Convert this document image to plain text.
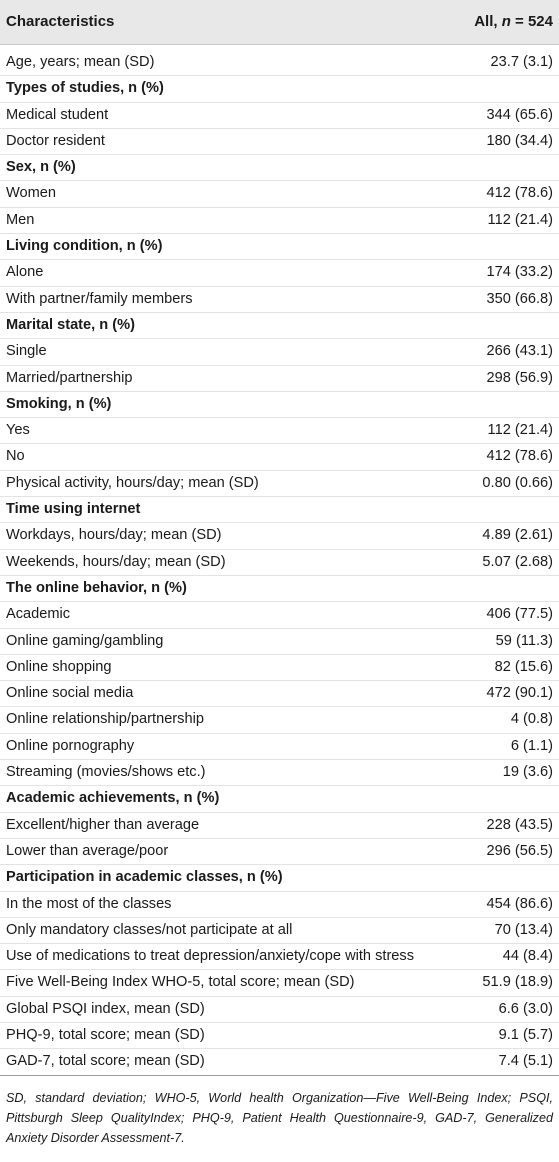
Characteristics	All, n = 524
Age, years; mean (SD)	23.7 (3.1)
Types of studies, n (%)
Medical student	344 (65.6)
Doctor resident	180 (34.4)
Sex, n (%)
Women	412 (78.6)
Men	112 (21.4)
Living condition, n (%)
Alone	174 (33.2)
With partner/family members	350 (66.8)
Marital state, n (%)
Single	266 (43.1)
Married/partnership	298 (56.9)
Smoking, n (%)
Yes	112 (21.4)
No	412 (78.6)
Physical activity, hours/day; mean (SD)	0.80 (0.66)
Time using internet
Workdays, hours/day; mean (SD)	4.89 (2.61)
Weekends, hours/day; mean (SD)	5.07 (2.68)
The online behavior, n (%)
Academic	406 (77.5)
Online gaming/gambling	59 (11.3)
Online shopping	82 (15.6)
Online social media	472 (90.1)
Online relationship/partnership	4 (0.8)
Online pornography	6 (1.1)
Streaming (movies/shows etc.)	19 (3.6)
Academic achievements, n (%)
Excellent/higher than average	228 (43.5)
Lower than average/poor	296 (56.5)
Participation in academic classes, n (%)
In the most of the classes	454 (86.6)
Only mandatory classes/not participate at all	70 (13.4)
Use of medications to treat depression/anxiety/cope with stress	44 (8.4)
Five Well-Being Index WHO-5, total score; mean (SD)	51.9 (18.9)
Global PSQI index, mean (SD)	6.6 (3.0)
PHQ-9, total score; mean (SD)	9.1 (5.7)
GAD-7, total score; mean (SD)	7.4 (5.1)
SD, standard deviation; WHO-5, World health Organization—Five Well-Being Index; PSQI, Pittsburgh Sleep QualityIndex; PHQ-9, Patient Health Questionnaire-9, GAD-7, Generalized Anxiety Disorder Assessment-7.
